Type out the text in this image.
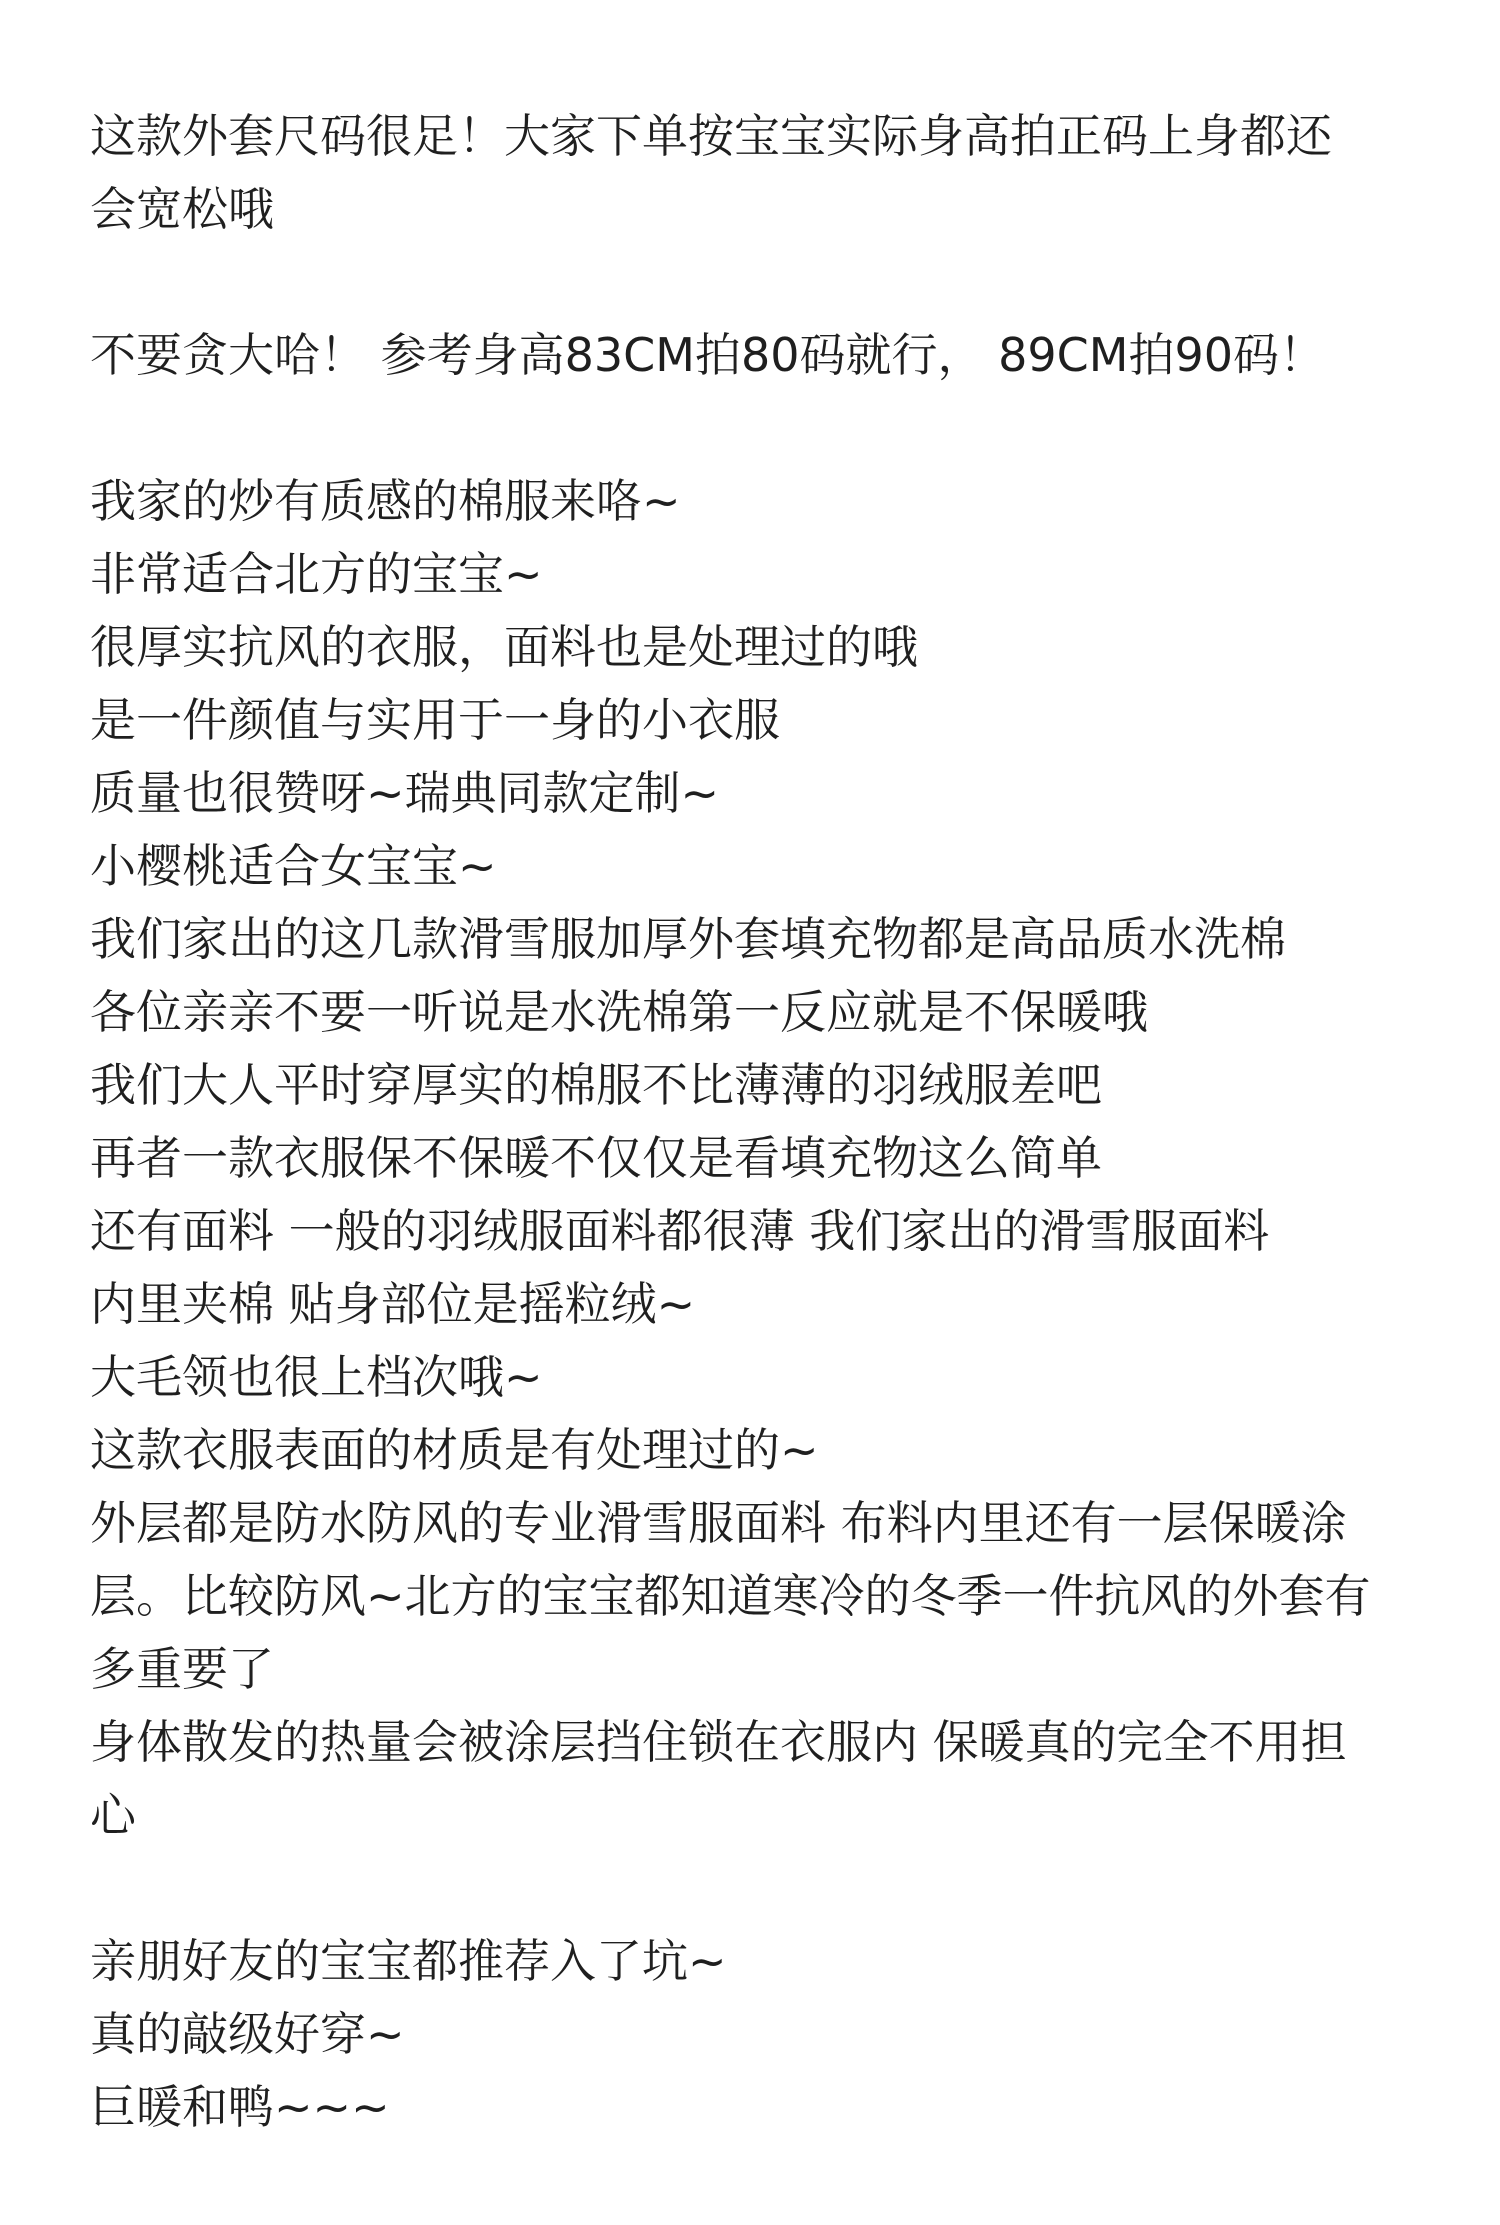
这款外套尺码很足！大家下单按宝宝实际身高拍正码上身都还

会宽松哦

不要贪大哈！ 参考身高83CM拍80码就行， 89CM拍90码！

我家的炒有质感的棉服来咯~

非常适合北方的宝宝~

很厚实抗风的衣服，面料也是处理过的哦

是一件颜值与实用于一身的小衣服

质量也很赞呀~瑞典同款定制~

小樱桃适合女宝宝~

我们家出的这几款滑雪服加厚外套填充物都是高品质水洗棉

各位亲亲不要一听说是水洗棉第一反应就是不保暖哦

我们大人平时穿厚实的棉服不比薄薄的羽绒服差吧

再者一款衣服保不保暖不仅仅是看填充物这么简单

还有面料 一般的羽绒服面料都很薄 我们家出的滑雪服面料

内里夹棉 贴身部位是摇粒绒~

大毛领也很上档次哦~

这款衣服表面的材质是有处理过的~

外层都是防水防风的专业滑雪服面料 布料内里还有一层保暖涂

层。比较防风~北方的宝宝都知道寒冷的冬季一件抗风的外套有

多重要了

身体散发的热量会被涂层挡住锁在衣服内 保暖真的完全不用担

心

亲朋好友的宝宝都推荐入了坑~

真的敲级好穿~

巨暖和鸭~~~
